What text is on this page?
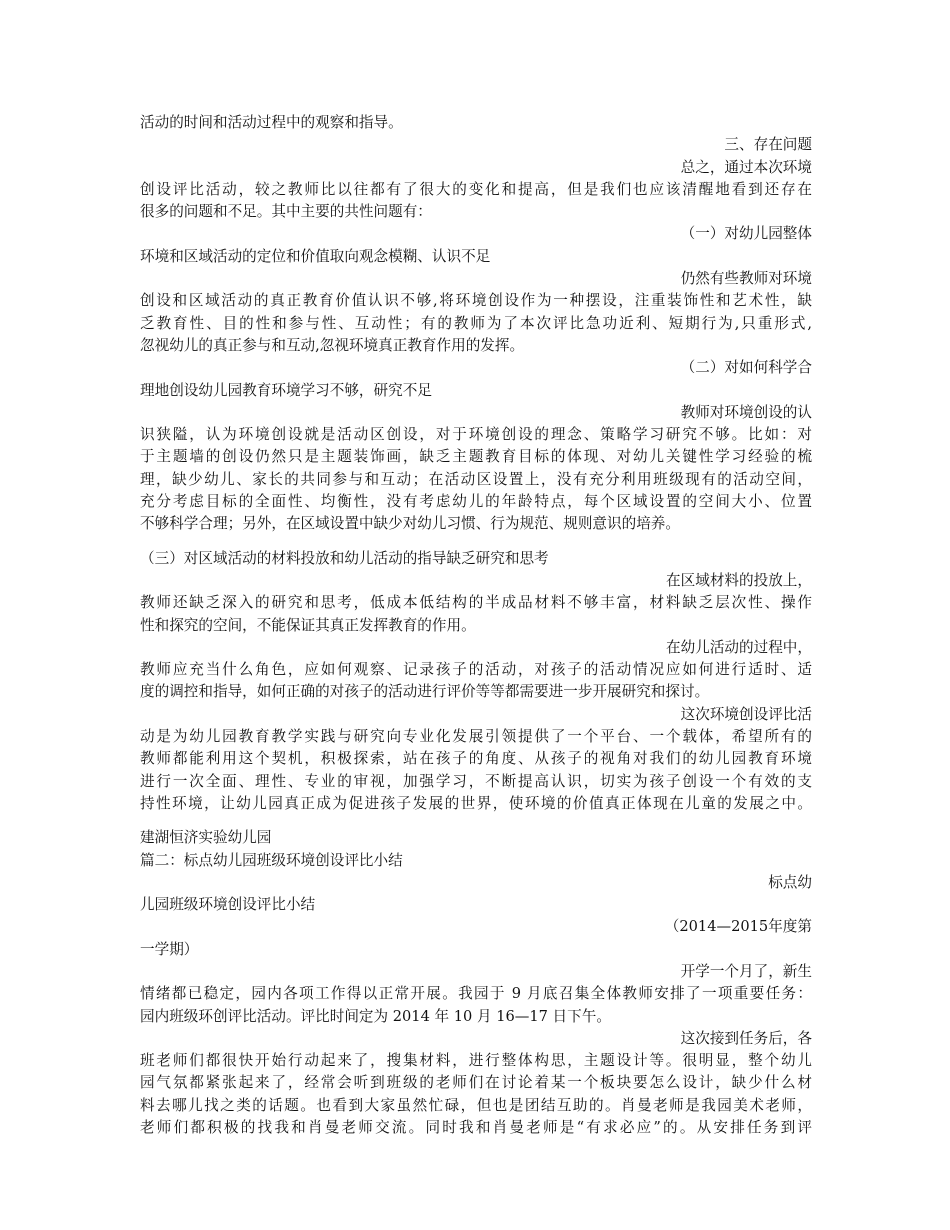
活动的时间和活动过程中的观察和指导。
三、存在问题
总之，通过本次环境
创设评比活动，较之教师比以往都有了很大的变化和提高，但是我们也应该清醒地看到还存在
很多的问题和不足。其中主要的共性问题有：
（一）对幼儿园整体
环境和区域活动的定位和价值取向观念模糊、认识不足
仍然有些教师对环境
创设和区域活动的真正教育价值认识不够,将环境创设作为一种摆设，注重装饰性和艺术性，缺
乏教育性、目的性和参与性、互动性；有的教师为了本次评比急功近利、短期行为,只重形式,
忽视幼儿的真正参与和互动,忽视环境真正教育作用的发挥。
（二）对如何科学合
理地创设幼儿园教育环境学习不够，研究不足
教师对环境创设的认
识狭隘，认为环境创设就是活动区创设，对于环境创设的理念、策略学习研究不够。比如：对
于主题墙的创设仍然只是主题装饰画，缺乏主题教育目标的体现、对幼儿关键性学习经验的梳
理，缺少幼儿、家长的共同参与和互动；在活动区设置上，没有充分利用班级现有的活动空间，
充分考虑目标的全面性、均衡性，没有考虑幼儿的年龄特点，每个区域设置的空间大小、位置
不够科学合理；另外，在区域设置中缺少对幼儿习惯、行为规范、规则意识的培养。
（三）对区域活动的材料投放和幼儿活动的指导缺乏研究和思考
在区域材料的投放上，
教师还缺乏深入的研究和思考，低成本低结构的半成品材料不够丰富，材料缺乏层次性、操作
性和探究的空间，不能保证其真正发挥教育的作用。
在幼儿活动的过程中，
教师应充当什么角色，应如何观察、记录孩子的活动，对孩子的活动情况应如何进行适时、适
度的调控和指导，如何正确的对孩子的活动进行评价等等都需要进一步开展研究和探讨。
这次环境创设评比活
动是为幼儿园教育教学实践与研究向专业化发展引领提供了一个平台、一个载体，希望所有的
教师都能利用这个契机，积极探索，站在孩子的角度、从孩子的视角对我们的幼儿园教育环境
进行一次全面、理性、专业的审视，加强学习，不断提高认识，切实为孩子创设一个有效的支
持性环境，让幼儿园真正成为促进孩子发展的世界，使环境的价值真正体现在儿童的发展之中。
建湖恒济实验幼儿园
篇二：标点幼儿园班级环境创设评比小结
标点幼
儿园班级环境创设评比小结
（2014—2015年度第
一学期）
开学一个月了，新生
情绪都已稳定，园内各项工作得以正常开展。我园于 9 月底召集全体教师安排了一项重要任务：
园内班级环创评比活动。评比时间定为 2014 年 10 月 16—17 日下午。
这次接到任务后，各
班老师们都很快开始行动起来了，搜集材料，进行整体构思，主题设计等。很明显，整个幼儿
园气氛都紧张起来了，经常会听到班级的老师们在讨论着某一个板块要怎么设计，缺少什么材
料去哪儿找之类的话题。也看到大家虽然忙碌，但也是团结互助的。肖曼老师是我园美术老师，
老师们都积极的找我和肖曼老师交流。同时我和肖曼老师是“有求必应”的。从安排任务到评
